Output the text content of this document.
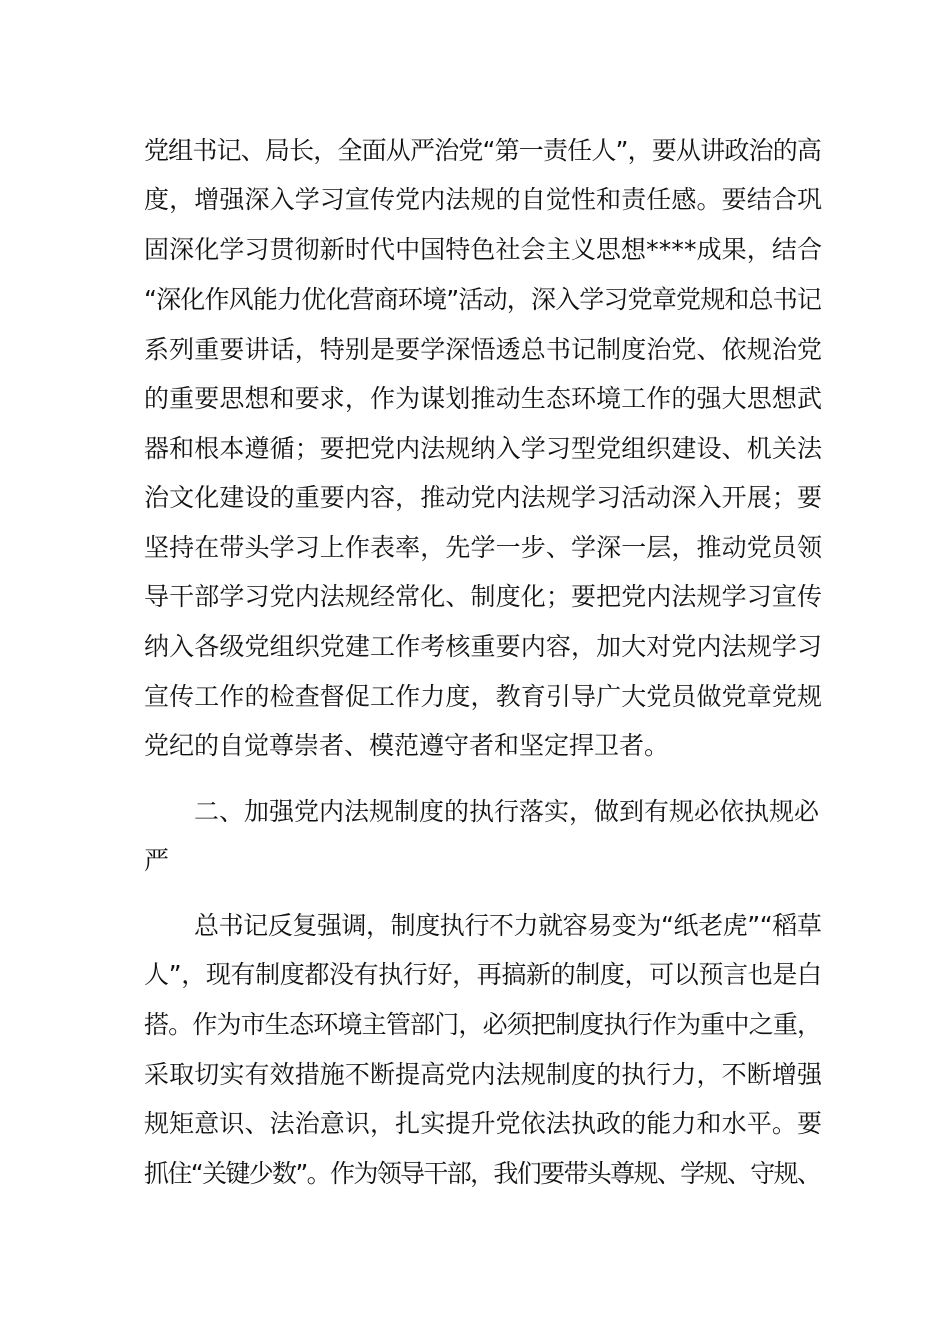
党组书记、局长，全面从严治党“第一责任人”，要从讲政治的高
度，增强深入学习宣传党内法规的自觉性和责任感。要结合巩
固深化学习贯彻新时代中国特色社会主义思想****成果，结合
“深化作风能力优化营商环境”活动，深入学习党章党规和总书记
系列重要讲话，特别是要学深悟透总书记制度治党、依规治党
的重要思想和要求，作为谋划推动生态环境工作的强大思想武
器和根本遵循；要把党内法规纳入学习型党组织建设、机关法
治文化建设的重要内容，推动党内法规学习活动深入开展；要
坚持在带头学习上作表率，先学一步、学深一层，推动党员领
导干部学习党内法规经常化、制度化；要把党内法规学习宣传
纳入各级党组织党建工作考核重要内容，加大对党内法规学习
宣传工作的检查督促工作力度，教育引导广大党员做党章党规
党纪的自觉尊崇者、模范遵守者和坚定捍卫者。
二、加强党内法规制度的执行落实，做到有规必依执规必
严
总书记反复强调，制度执行不力就容易变为“纸老虎”“稻草
人”，现有制度都没有执行好，再搞新的制度，可以预言也是白
搭。作为市生态环境主管部门，必须把制度执行作为重中之重，
采取切实有效措施不断提高党内法规制度的执行力，不断增强
规矩意识、法治意识，扎实提升党依法执政的能力和水平。要
抓住“关键少数”。作为领导干部，我们要带头尊规、学规、守规、
